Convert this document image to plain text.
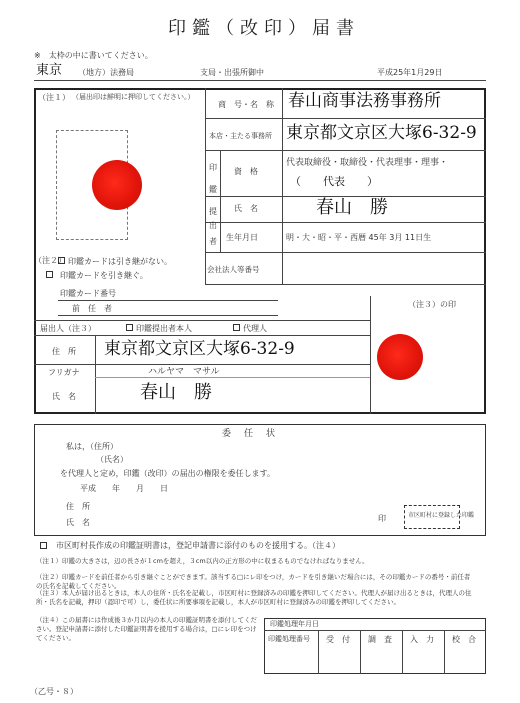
印鑑（改印）届書
※　太枠の中に書いてください。
東京 （地方）法務局	支局・出張所御中	平成25年1月29日
（注１） （届出印は鮮明に押印してください。）
（注２） 印鑑カードは引き継がない。
印鑑カードを引き継ぐ。
印鑑カード番号
前　任　者
商　号・名　称 春山商事法務事務所
本店・主たる事務所 東京都文京区大塚6-32-9
印
鑑
提
出
者
資　格
代表取締役・取締役・代表理事・理事・
（　　代表　　）
氏　名	春山　勝
生年月日	明・大・昭・平・西暦 45年 3月 11日生
会社法人等番号
（注３）の印
届出人（注３）	印鑑提出者本人	代理人
住　所 東京都文京区大塚6-32-9
フリガナ	ハルヤマ　マサル
氏　名	春山　勝
委　任　状
私は，（住所）
（氏名）
を代理人と定め，印鑑（改印）の届出の権限を委任します。
平成　　年　　月　　日
住　所
氏　名	印	市区町村に登録した印鑑
市区町村長作成の印鑑証明書は，登記申請書に添付のものを援用する。（注４）
（注１）印鑑の大きさは，辺の長さが１cmを超え，３cm以内の正方形の中に収まるものでなければなりません。
（注２）印鑑カードを前任者から引き継ぐことができます。該当する□にレ印をつけ，カードを引き継いだ場合には，その印鑑カードの番号・前任者の氏名を記載してください。
（注３）本人が届け出るときは，本人の住所・氏名を記載し，市区町村に登録済みの印鑑を押印してください。代理人が届け出るときは，代理人の住所・氏名を記載，押印（認印で可）し，委任状に所要事項を記載し，本人が市区町村に登録済みの印鑑を押印してください。
（注４）この届書には作成後３か月以内の本人の印鑑証明書を添付してください。登記申請書に添付した印鑑証明書を援用する場合は，□にレ印をつけてください。
印鑑処理年月日
印鑑処理番号 受　付 調　査 入　力 校　合
（乙号・８）
